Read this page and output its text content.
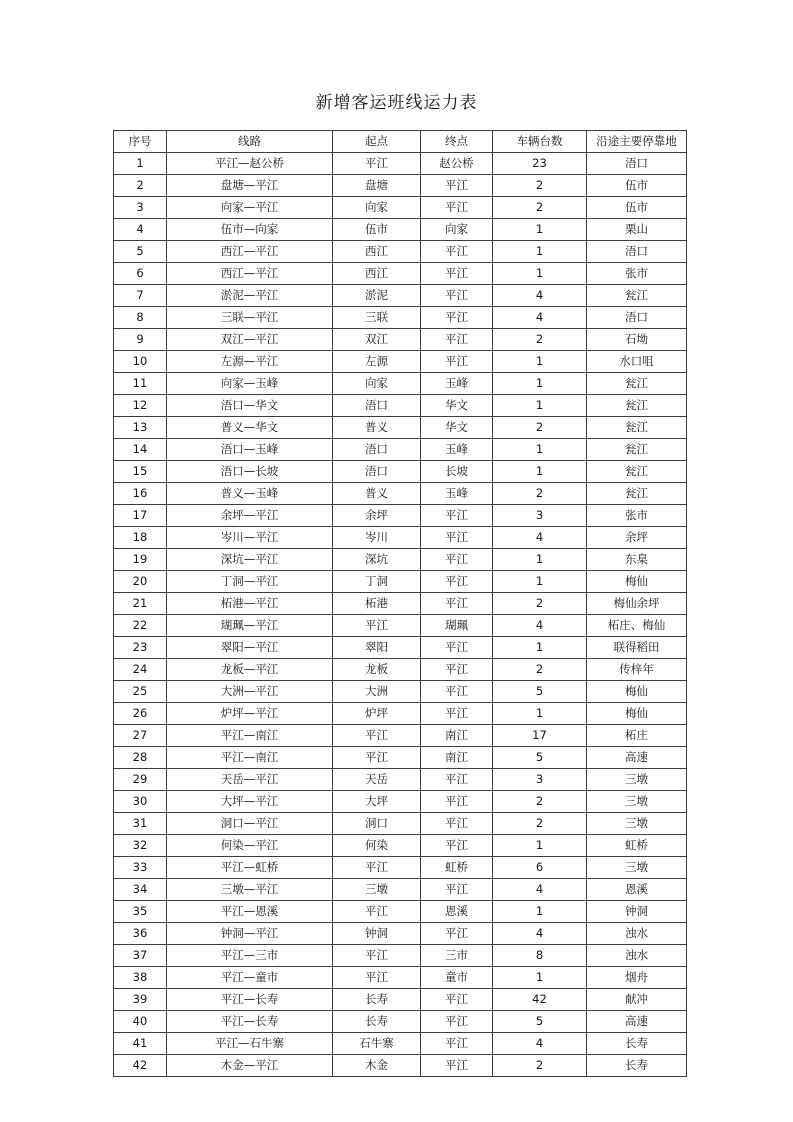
新增客运班线运力表
序号	线路	起点	终点	车辆台数	沿途主要停靠地
1	平江—赵公桥	平江	赵公桥	23	浯口
2	盘塘—平江	盘塘	平江	2	伍市
3	向家—平江	向家	平江	2	伍市
4	伍市—向家	伍市	向家	1	栗山
5	西江—平江	西江	平江	1	浯口
6	西江—平江	西江	平江	1	张市
7	淤泥—平江	淤泥	平江	4	瓮江
8	三联—平江	三联	平江	4	浯口
9	双江—平江	双江	平江	2	石坳
10	左源—平江	左源	平江	1	水口咀
11	向家—玉峰	向家	玉峰	1	瓮江
12	浯口—华文	浯口	华文	1	瓮江
13	普义—华文	普义	华文	2	瓮江
14	浯口—玉峰	浯口	玉峰	1	瓮江
15	浯口—长坡	浯口	长坡	1	瓮江
16	普义—玉峰	普义	玉峰	2	瓮江
17	余坪—平江	余坪	平江	3	张市
18	岑川—平江	岑川	平江	4	余坪
19	深坑—平江	深坑	平江	1	东臬
20	丁洞—平江	丁洞	平江	1	梅仙
21	柘港—平江	柘港	平江	2	梅仙余坪
22	瑚珮—平江	平江	瑚珮	4	柘庄、梅仙
23	翠阳—平江	翠阳	平江	1	联得稻田
24	龙板—平江	龙板	平江	2	传梓年
25	大洲—平江	大洲	平江	5	梅仙
26	炉坪—平江	炉坪	平江	1	梅仙
27	平江—南江	平江	南江	17	柘庄
28	平江—南江	平江	南江	5	高速
29	天岳—平江	天岳	平江	3	三墩
30	大坪—平江	大坪	平江	2	三墩
31	洞口—平江	洞口	平江	2	三墩
32	何染—平江	何染	平江	1	虹桥
33	平江—虹桥	平江	虹桥	6	三墩
34	三墩—平江	三墩	平江	4	恩溪
35	平江—恩溪	平江	恩溪	1	钟洞
36	钟洞—平江	钟洞	平江	4	浊水
37	平江—三市	平江	三市	8	浊水
38	平江—童市	平江	童市	1	烟舟
39	平江—长寿	长寿	平江	42	献冲
40	平江—长寿	长寿	平江	5	高速
41	平江—石牛寨	石牛寨	平江	4	长寿
42	木金—平江	木金	平江	2	长寿
